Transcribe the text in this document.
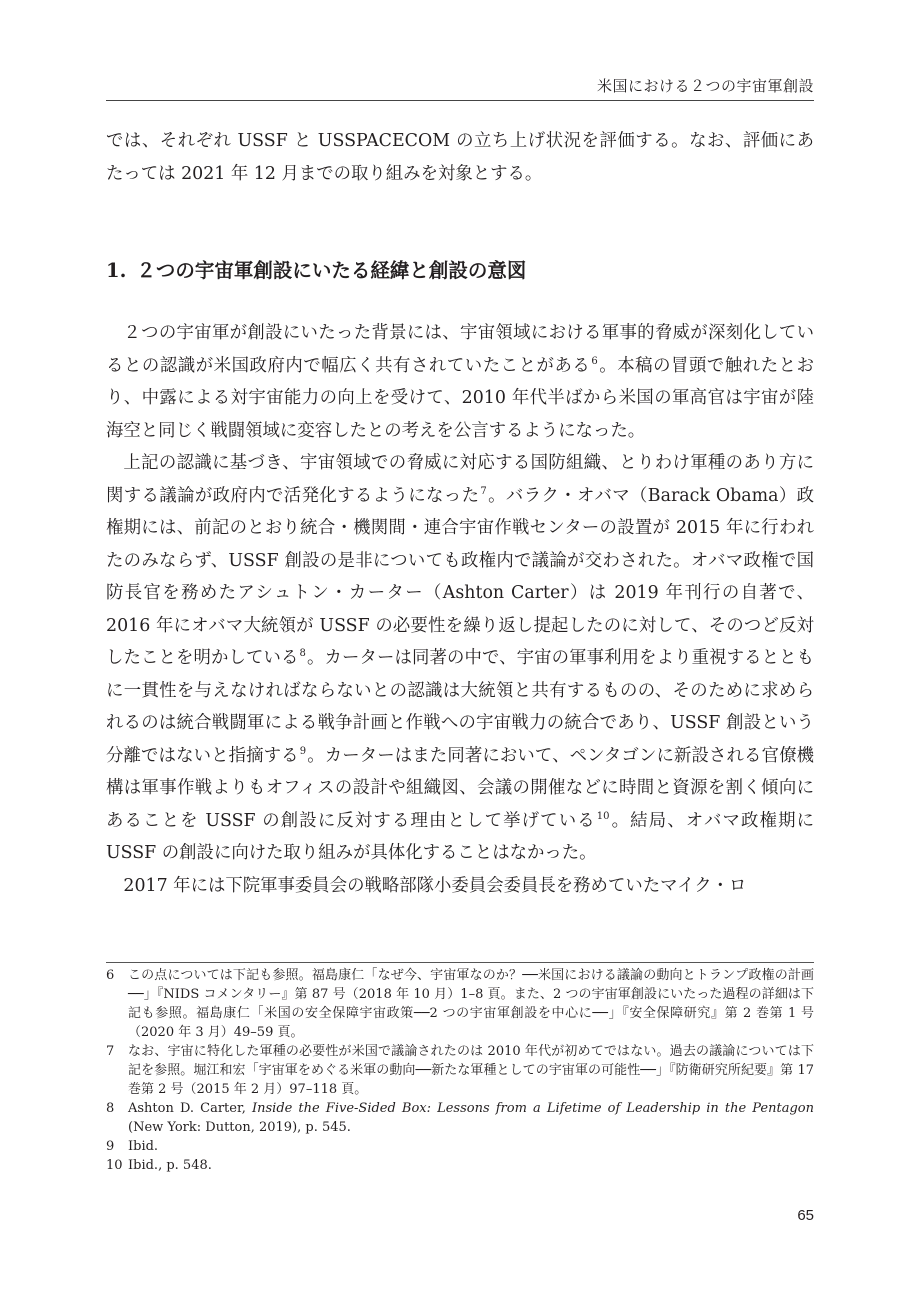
米国における２つの宇宙軍創設
では、それぞれ USSF と USSPACECOM の立ち上げ状況を評価する。なお、評価にあたっては 2021 年 12 月までの取り組みを対象とする。
1. ２つの宇宙軍創設にいたる経緯と創設の意図

２つの宇宙軍が創設にいたった背景には、宇宙領域における軍事的脅威が深刻化しているとの認識が米国政府内で幅広く共有されていたことがある$^6$。本稿の冒頭で触れたとおり、中露による対宇宙能力の向上を受けて、2010 年代半ばから米国の軍高官は宇宙が陸海空と同じく戦闘領域に変容したとの考えを公言するようになった。

上記の認識に基づき、宇宙領域での脅威に対応する国防組織、とりわけ軍種のあり方に関する議論が政府内で活発化するようになった$^7$。バラク・オバマ（Barack Obama）政権期には、前記のとおり統合・機関間・連合宇宙作戦センターの設置が 2015 年に行われたのみならず、USSF 創設の是非についても政権内で議論が交わされた。オバマ政権で国防長官を務めたアシュトン・カーター（Ashton Carter）は 2019 年刊行の自著で、2016 年にオバマ大統領が USSF の必要性を繰り返し提起したのに対して、そのつど反対したことを明かしている$^8$。カーターは同著の中で、宇宙の軍事利用をより重視するとともに一貫性を与えなければならないとの認識は大統領と共有するものの、そのために求められるのは統合戦闘軍による戦争計画と作戦への宇宙戦力の統合であり、USSF 創設という分離ではないと指摘する$^9$。カーターはまた同著において、ペンタゴンに新設される官僚機構は軍事作戦よりもオフィスの設計や組織図、会議の開催などに時間と資源を割く傾向にあることを USSF の創設に反対する理由として挙げている$^{10}$。結局、オバマ政権期に USSF の創設に向けた取り組みが具体化することはなかった。

2017 年には下院軍事委員会の戦略部隊小委員会委員長を務めていたマイク・ロ

6 この点については下記も参照。福島康仁「なぜ今、宇宙軍なのか？──米国における議論の動向とトランプ政権の計画──」『NIDS コメンタリー』第 87 号（2018 年 10 月）1–8 頁。また、2 つの宇宙軍創設にいたった過程の詳細は下記も参照。福島康仁「米国の安全保障宇宙政策──2 つの宇宙軍創設を中心に──」『安全保障研究』第 2 巻第 1 号（2020 年 3 月）49–59 頁。

7 なお、宇宙に特化した軍種の必要性が米国で議論されたのは 2010 年代が初めてではない。過去の議論については下記を参照。堀江和宏「宇宙軍をめぐる米軍の動向──新たな軍種としての宇宙軍の可能性──」『防衛研究所紀要』第 17 巻第 2 号（2015 年 2 月）97–118 頁。

8 Ashton D. Carter, Inside the Five-Sided Box: Lessons from a Lifetime of Leadership in the Pentagon (New York: Dutton, 2019), p. 545.

9 Ibid.

10 Ibid., p. 548.

65
